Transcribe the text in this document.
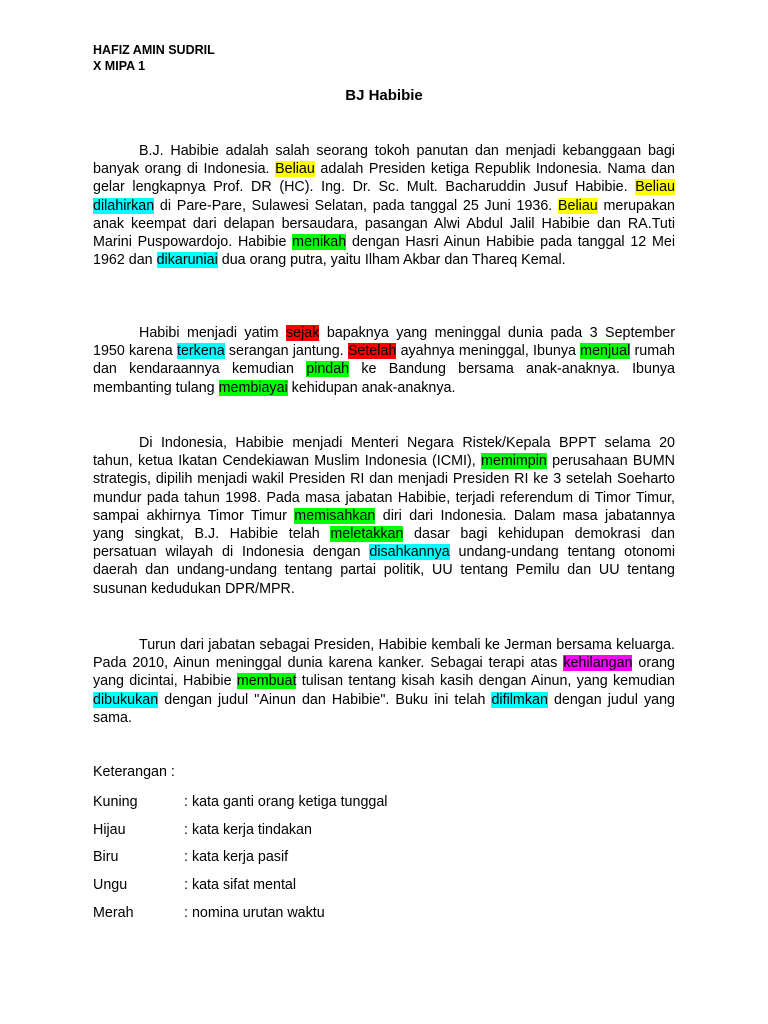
HAFIZ AMIN SUDRIL
X MIPA 1
BJ Habibie
B.J. Habibie adalah salah seorang tokoh panutan dan menjadi kebanggaan bagi banyak orang di Indonesia. Beliau adalah Presiden ketiga Republik Indonesia. Nama dan gelar lengkapnya Prof. DR (HC). Ing. Dr. Sc. Mult. Bacharuddin Jusuf Habibie. Beliau dilahirkan di Pare-Pare, Sulawesi Selatan, pada tanggal 25 Juni 1936. Beliau merupakan anak keempat dari delapan bersaudara, pasangan Alwi Abdul Jalil Habibie dan RA.Tuti Marini Puspowardojo. Habibie menikah dengan Hasri Ainun Habibie pada tanggal 12 Mei 1962 dan dikaruniai dua orang putra, yaitu Ilham Akbar dan Thareq Kemal.
Habibi menjadi yatim sejak bapaknya yang meninggal dunia pada 3 September 1950 karena terkena serangan jantung. Setelah ayahnya meninggal, Ibunya menjual rumah dan kendaraannya kemudian pindah ke Bandung bersama anak-anaknya. Ibunya membanting tulang membiayai kehidupan anak-anaknya.
Di Indonesia, Habibie menjadi Menteri Negara Ristek/Kepala BPPT selama 20 tahun, ketua Ikatan Cendekiawan Muslim Indonesia (ICMI), memimpin perusahaan BUMN strategis, dipilih menjadi wakil Presiden RI dan menjadi Presiden RI ke 3 setelah Soeharto mundur pada tahun 1998. Pada masa jabatan Habibie, terjadi referendum di Timor Timur, sampai akhirnya Timor Timur memisahkan diri dari Indonesia. Dalam masa jabatannya yang singkat, B.J. Habibie telah meletakkan dasar bagi kehidupan demokrasi dan persatuan wilayah di Indonesia dengan disahkannya undang-undang tentang otonomi daerah dan undang-undang tentang partai politik, UU tentang Pemilu dan UU tentang susunan kedudukan DPR/MPR.
Turun dari jabatan sebagai Presiden, Habibie kembali ke Jerman bersama keluarga. Pada 2010, Ainun meninggal dunia karena kanker. Sebagai terapi atas kehilangan orang yang dicintai, Habibie membuat tulisan tentang kisah kasih dengan Ainun, yang kemudian dibukukan dengan judul "Ainun dan Habibie". Buku ini telah difilmkan dengan judul yang sama.
Keterangan :
Kuning	: kata ganti orang ketiga tunggal
Hijau	: kata kerja tindakan
Biru	: kata kerja pasif
Ungu	: kata sifat mental
Merah	: nomina urutan waktu
